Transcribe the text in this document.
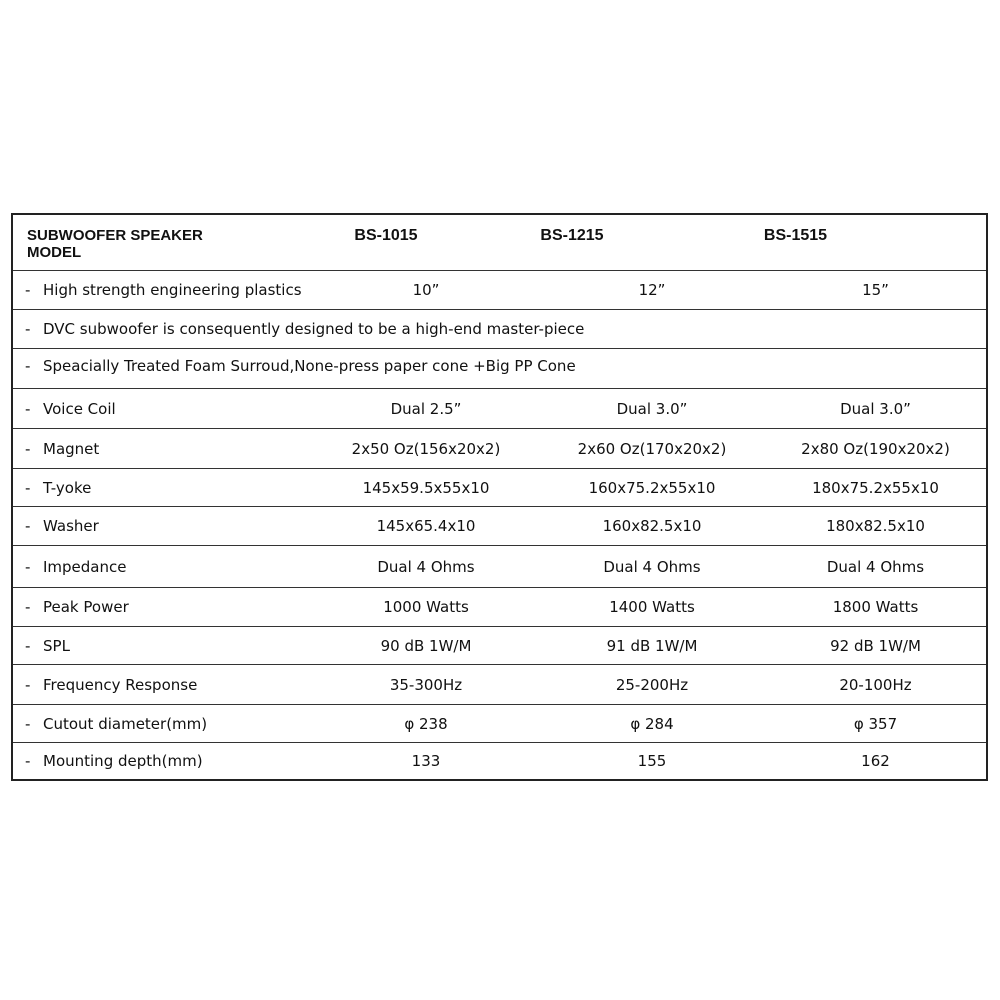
SUBWOOFER SPEAKER MODEL
BS-1015	BS-1215	BS-1515
- High strength engineering plastics	10”	12”	15”
- DVC subwoofer is consequently designed to be a high-end master-piece
- Speacially Treated Foam Surroud,None-press paper cone +Big PP Cone
- Voice Coil	Dual 2.5”	Dual 3.0”	Dual 3.0”
- Magnet	2x50 Oz(156x20x2)	2x60 Oz(170x20x2)	2x80 Oz(190x20x2)
- T-yoke	145x59.5x55x10	160x75.2x55x10	180x75.2x55x10
- Washer	145x65.4x10	160x82.5x10	180x82.5x10
- Impedance	Dual 4 Ohms	Dual 4 Ohms	Dual 4 Ohms
- Peak Power	1000 Watts	1400 Watts	1800 Watts
- SPL	90 dB 1W/M	91 dB 1W/M	92 dB 1W/M
- Frequency Response	35-300Hz	25-200Hz	20-100Hz
- Cutout diameter(mm)	φ 238	φ 284	φ 357
- Mounting depth(mm)	133	155	162
